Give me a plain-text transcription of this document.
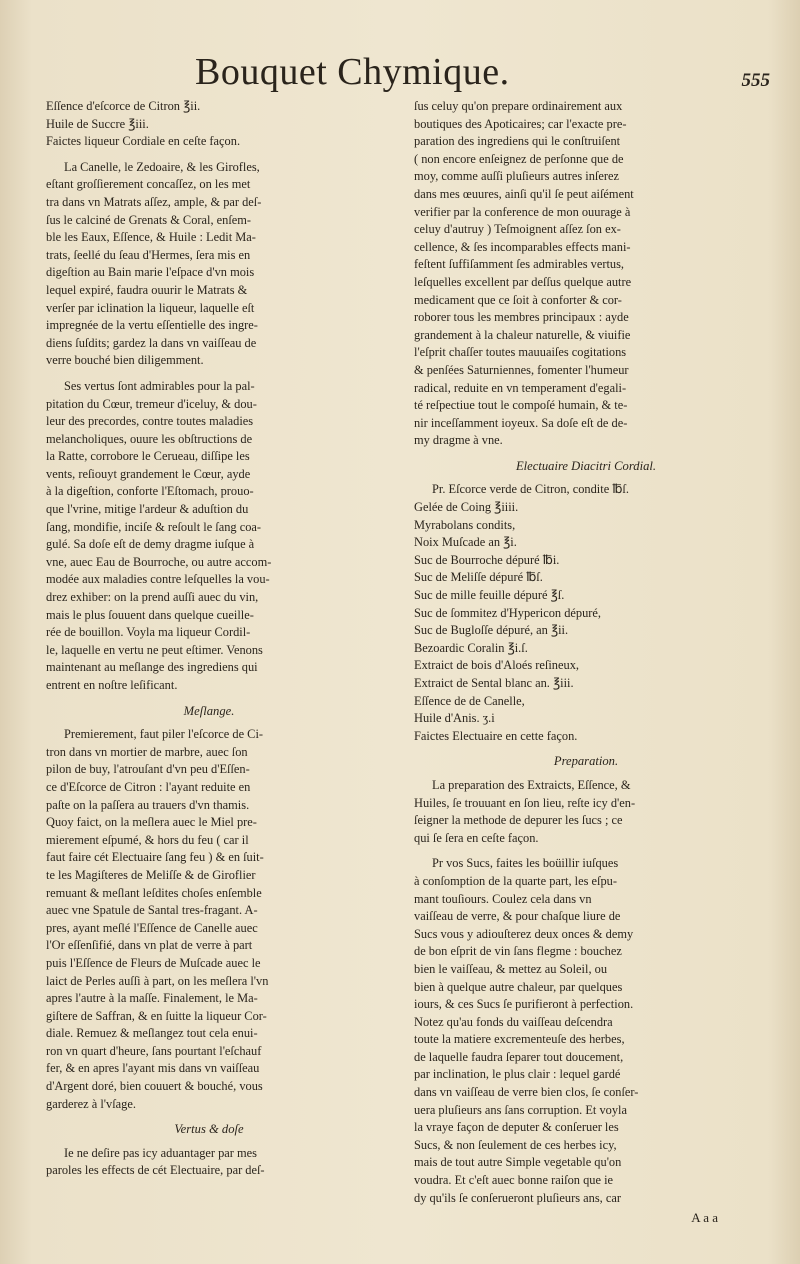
Bouquet Chymique.	555
Eſſence d'eſcorce de Citron ℥ii.
Huile de Succre ℥iii.
Faictes liqueur Cordiale en ceſte façon.
La Canelle, le Zedoaire, & les Girofles,
eſtant groſſierement concaſſez, on les met
tra dans vn Matrats aſſez, ample, & par deſ-
ſus le calciné de Grenats & Coral, enſem-
ble les Eaux, Eſſence, & Huile : Ledit Ma-
trats, ſeellé du ſeau d'Hermes, ſera mis en
digeſtion au Bain marie l'eſpace d'vn mois
lequel expiré, faudra ouurir le Matrats &
verſer par iclination la liqueur, laquelle eſt
impregnée de la vertu eſſentielle des ingre-
diens ſuſdits; gardez la dans vn vaiſſeau de
verre bouché bien diligemment.
Ses vertus ſont admirables pour la pal-
pitation du Cœur, tremeur d'iceluy, & dou-
leur des precordes, contre toutes maladies
melancholiques, ouure les obſtructions de
la Ratte, corrobore le Cerueau, diſſipe les
vents, reſiouyt grandement le Cœur, ayde
à la digeſtion, conforte l'Eſtomach, prouo-
que l'vrine, mitige l'ardeur & aduſtion du
ſang, mondifie, inciſe & reſoult le ſang coa-
gulé. Sa doſe eſt de demy dragme iuſque à
vne, auec Eau de Bourroche, ou autre accom-
modée aux maladies contre leſquelles la vou-
drez exhiber: on la prend auſſi auec du vin,
mais le plus ſouuent dans quelque cueille-
rée de bouillon. Voyla ma liqueur Cordil-
le, laquelle en vertu ne peut eſtimer. Venons
maintenant au meſlange des ingrediens qui
entrent en noſtre leſificant.
Meſlange.
Premierement, faut piler l'eſcorce de Ci-
tron dans vn mortier de marbre, auec ſon
pilon de buy, l'atrouſant d'vn peu d'Eſſen-
ce d'Eſcorce de Citron : l'ayant reduite en
paſte on la paſſera au trauers d'vn thamis.
Quoy faict, on la meſlera auec le Miel pre-
mierement eſpumé, & hors du feu ( car il
faut faire cét Electuaire ſang feu ) & en ſuit-
te les Magiſteres de Meliſſe & de Giroflier
remuant & meſlant leſdites choſes enſemble
auec vne Spatule de Santal tres-fragant. A-
pres, ayant meſlé l'Eſſence de Canelle auec
l'Or eſſenſifié, dans vn plat de verre à part
puis l'Eſſence de Fleurs de Muſcade auec le
laict de Perles auſſi à part, on les meſlera l'vn
apres l'autre à la maſſe. Finalement, le Ma-
giſtere de Saffran, & en ſuitte la liqueur Cor-
diale. Remuez & meſlangez tout cela enui-
ron vn quart d'heure, ſans pourtant l'eſchauf
fer, & en apres l'ayant mis dans vn vaiſſeau
d'Argent doré, bien couuert & bouché, vous
garderez à l'vſage.
Vertus & doſe
Ie ne deſire pas icy aduantager par mes
paroles les effects de cét Electuaire, par deſ-
ſus celuy qu'on prepare ordinairement aux
boutiques des Apoticaires; car l'exacte pre-
paration des ingrediens qui le conſtruiſent
( non encore enſeignez de perſonne que de
moy, comme auſſi pluſieurs autres inſerez
dans mes œuures, ainſi qu'il ſe peut aiſément
verifier par la conference de mon ouurage à
celuy d'autruy ) Teſmoignent aſſez ſon ex-
cellence, & ſes incomparables effects mani-
feſtent ſuffiſamment ſes admirables vertus,
leſquelles excellent par deſſus quelque autre
medicament que ce ſoit à conforter & cor-
roborer tous les membres principaux : ayde
grandement à la chaleur naturelle, & viuifie
l'eſprit chaſſer toutes mauuaiſes cogitations
& penſées Saturniennes, fomenter l'humeur
radical, reduite en vn temperament d'egali-
té reſpectiue tout le compoſé humain, & te-
nir inceſſamment ioyeux. Sa doſe eſt de de-
my dragme à vne.
Electuaire Diacitri Cordial.
Pr. Eſcorce verde de Citron, condite ℔ſ.
Gelée de Coing ℥iiii.
Myrabolans condits,
Noix Muſcade an ℥i.
Suc de Bourroche dépuré ℔i.
Suc de Meliſſe dépuré ℔ſ.
Suc de mille feuille dépuré ℥ſ.
Suc de ſommitez d'Hypericon dépuré,
Suc de Bugloſſe dépuré, an ℥ii.
Bezoardic Coralin ℥i.ſ.
Extraict de bois d'Aloés reſineux,
Extraict de Sental blanc an. ℥iii.
Eſſence de de Canelle,
Huile d'Anis. ʒ.i
Faictes Electuaire en cette façon.
Preparation.
La preparation des Extraicts, Eſſence, &
Huiles, ſe trouuant en ſon lieu, reſte icy d'en-
ſeigner la methode de depurer les ſucs ; ce
qui ſe ſera en ceſte façon.
Pr vos Sucs, faites les boüillir iuſques
à conſomption de la quarte part, les eſpu-
mant touſiours. Coulez cela dans vn
vaiſſeau de verre, & pour chaſque liure de
Sucs vous y adiouſterez deux onces & demy
de bon eſprit de vin ſans flegme : bouchez
bien le vaiſſeau, & mettez au Soleil, ou
bien à quelque autre chaleur, par quelques
iours, & ces Sucs ſe purifieront à perfection.
Notez qu'au fonds du vaiſſeau deſcendra
toute la matiere excrementeuſe des herbes,
de laquelle faudra ſeparer tout doucement,
par inclination, le plus clair : lequel gardé
dans vn vaiſſeau de verre bien clos, ſe conſer-
uera pluſieurs ans ſans corruption. Et voyla
la vraye façon de deputer & conſeruer les
Sucs, & non ſeulement de ces herbes icy,
mais de tout autre Simple vegetable qu'on
voudra. Et c'eſt auec bonne raiſon que ie
dy qu'ils ſe conſerueront pluſieurs ans, car
A a a
